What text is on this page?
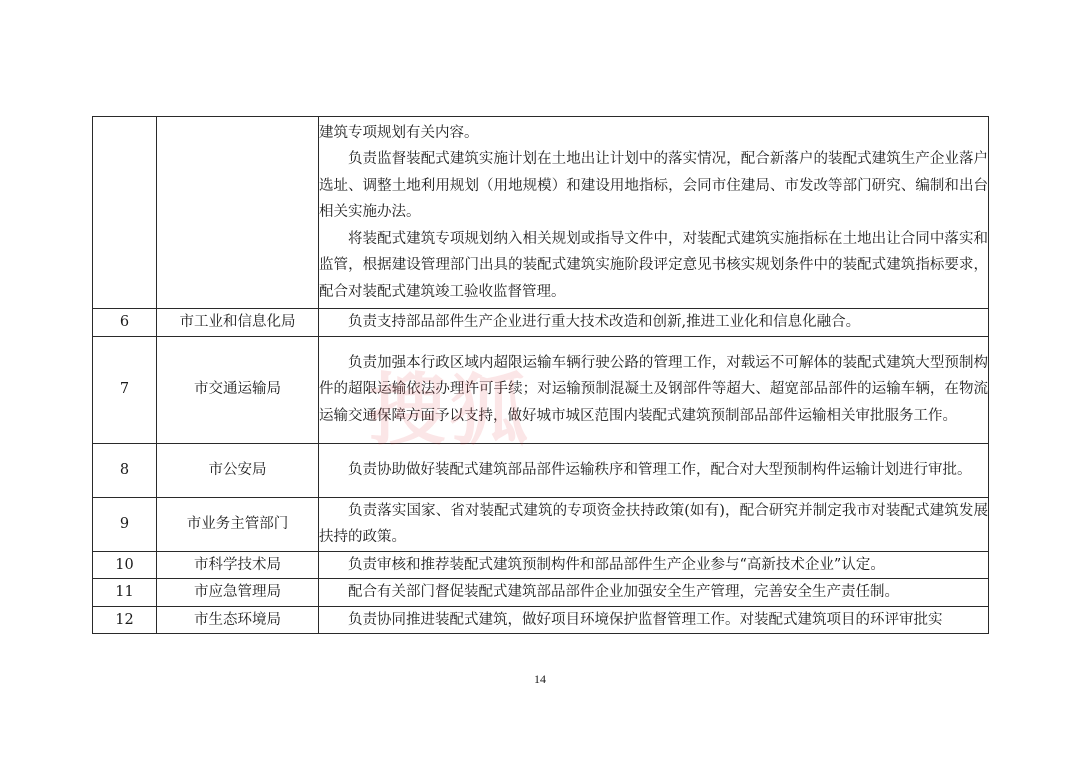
		建筑专项规划有关内容。

负责监督装配式建筑实施计划在土地出让计划中的落实情况，配合新落户的装配式建筑生产企业落户选址、调整土地利用规划（用地规模）和建设用地指标，会同市住建局、市发改等部门研究、编制和出台相关实施办法。

将装配式建筑专项规划纳入相关规划或指导文件中，对装配式建筑实施指标在土地出让合同中落实和监管，根据建设管理部门出具的装配式建筑实施阶段评定意见书核实规划条件中的装配式建筑指标要求，配合对装配式建筑竣工验收监督管理。

6	市工业和信息化局	负责支持部品部件生产企业进行重大技术改造和创新,推进工业化和信息化融合。

7	市交通运输局	负责加强本行政区域内超限运输车辆行驶公路的管理工作，对载运不可解体的装配式建筑大型预制构件的超限运输依法办理许可手续；对运输预制混凝土及钢部件等超大、超宽部品部件的运输车辆，在物流运输交通保障方面予以支持，做好城市城区范围内装配式建筑预制部品部件运输相关审批服务工作。

8	市公安局	负责协助做好装配式建筑部品部件运输秩序和管理工作，配合对大型预制构件运输计划进行审批。

9	市业务主管部门	负责落实国家、省对装配式建筑的专项资金扶持政策(如有)，配合研究并制定我市对装配式建筑发展扶持的政策。

10	市科学技术局	负责审核和推荐装配式建筑预制构件和部品部件生产企业参与“高新技术企业”认定。

11	市应急管理局	配合有关部门督促装配式建筑部品部件企业加强安全生产管理，完善安全生产责任制。

12	市生态环境局	负责协同推进装配式建筑，做好项目环境保护监督管理工作。对装配式建筑项目的环评审批实

搜狐
14
